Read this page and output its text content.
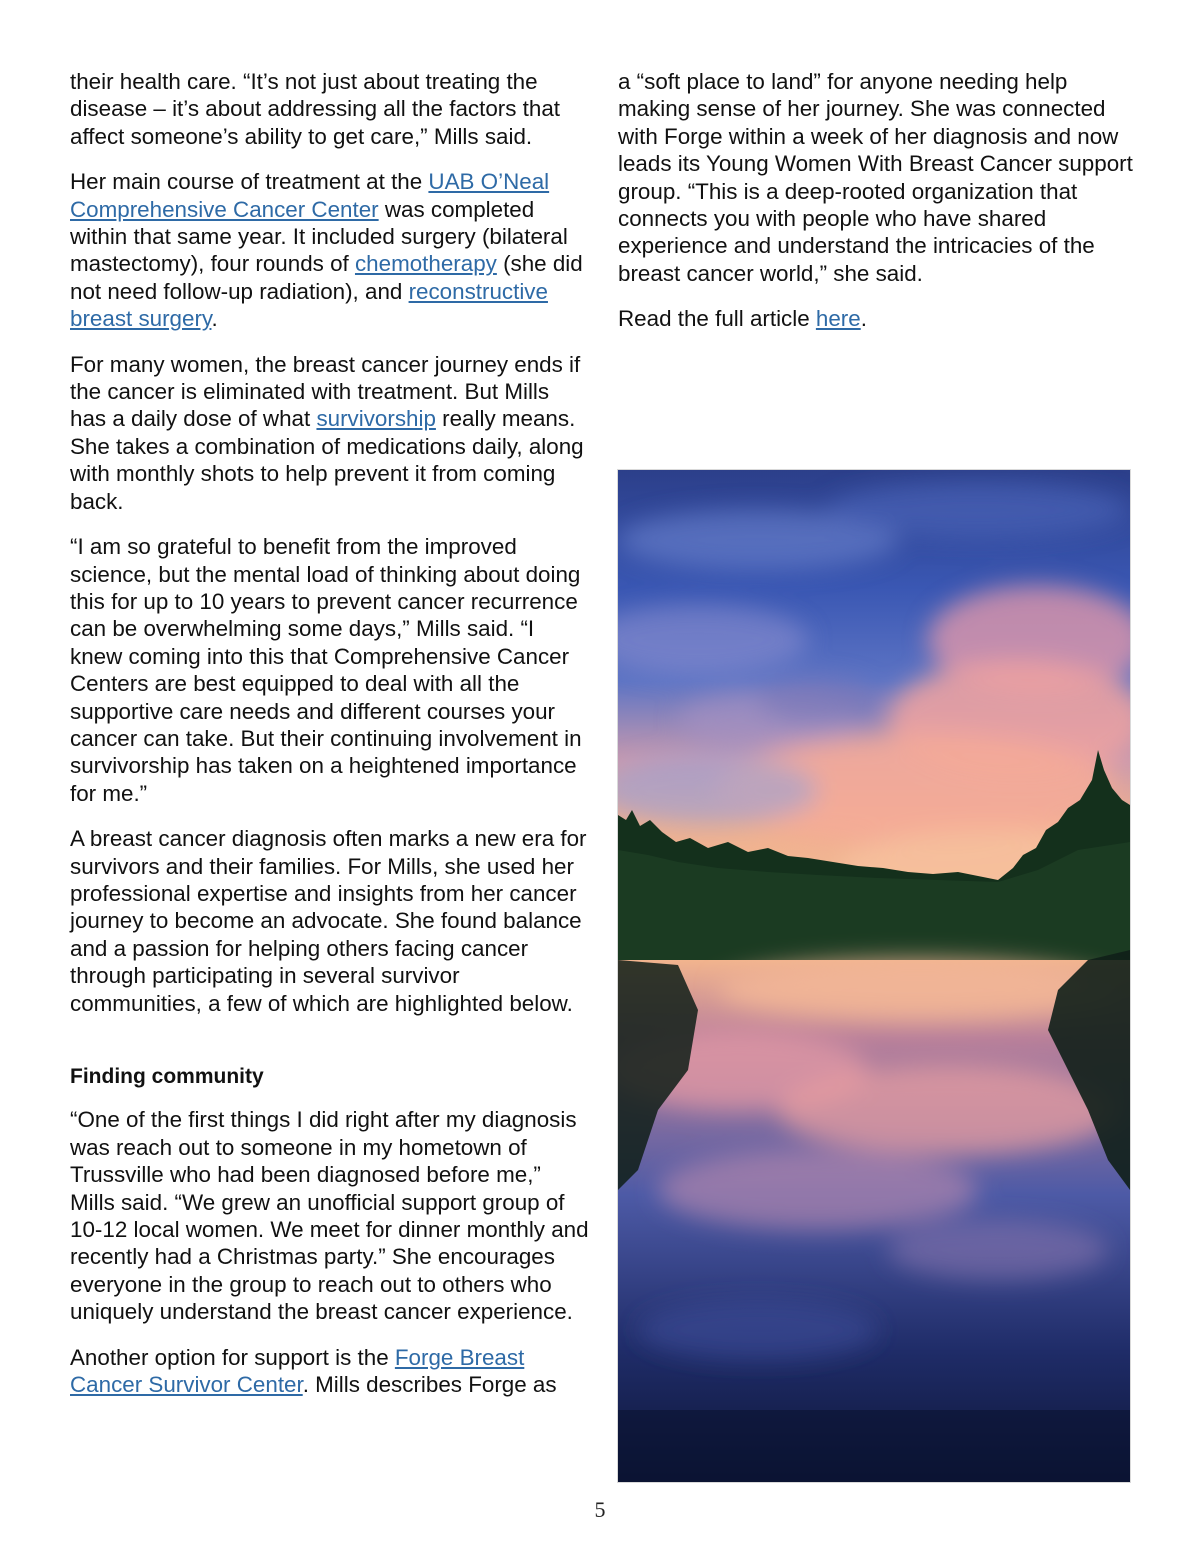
their health care. “It’s not just about treating the disease – it’s about addressing all the factors that affect someone’s ability to get care,” Mills said.

Her main course of treatment at the UAB O’Neal Comprehensive Cancer Center was completed within that same year. It included surgery (bilateral mastectomy), four rounds of chemotherapy (she did not need follow-up radiation), and reconstructive breast surgery.

For many women, the breast cancer journey ends if the cancer is eliminated with treatment. But Mills has a daily dose of what survivorship really means. She takes a combination of medications daily, along with monthly shots to help prevent it from coming back.

“I am so grateful to benefit from the improved science, but the mental load of thinking about doing this for up to 10 years to prevent cancer recurrence can be overwhelming some days,” Mills said. “I knew coming into this that Comprehensive Cancer Centers are best equipped to deal with all the supportive care needs and different courses your cancer can take. But their continuing involvement in survivorship has taken on a heightened importance for me.”

A breast cancer diagnosis often marks a new era for survivors and their families. For Mills, she used her professional expertise and insights from her cancer journey to become an advocate. She found balance and a passion for helping others facing cancer through participating in several survivor communities, a few of which are highlighted below.

Finding community

“One of the first things I did right after my diagnosis was reach out to someone in my hometown of Trussville who had been diagnosed before me,” Mills said. “We grew an unofficial support group of 10-12 local women. We meet for dinner monthly and recently had a Christmas party.” She encourages everyone in the group to reach out to others who uniquely understand the breast cancer experience.

Another option for support is the Forge Breast Cancer Survivor Center. Mills describes Forge as

a “soft place to land” for anyone needing help making sense of her journey. She was connected with Forge within a week of her diagnosis and now leads its Young Women With Breast Cancer support group. “This is a deep-rooted organization that connects you with people who have shared experience and understand the intricacies of the breast cancer world,” she said.

Read the full article here.

5
